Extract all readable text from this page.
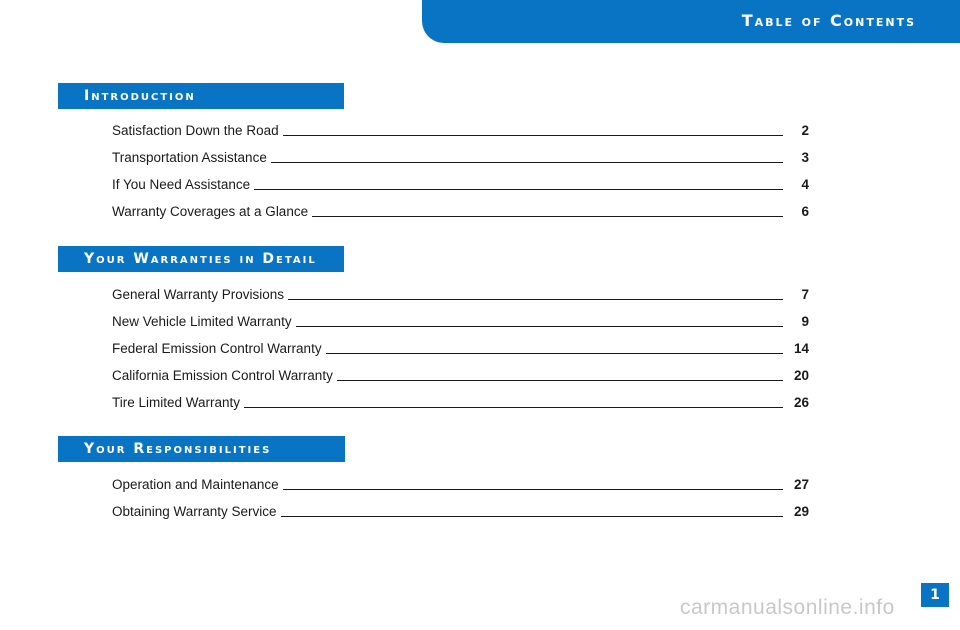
Table of Contents
Introduction
Satisfaction Down the Road	2
Transportation Assistance	3
If You Need Assistance	4
Warranty Coverages at a Glance	6
Your Warranties in Detail
General Warranty Provisions	7
New Vehicle Limited Warranty	9
Federal Emission Control Warranty	14
California Emission Control Warranty	20
Tire Limited Warranty	26
Your Responsibilities
Operation and Maintenance	27
Obtaining Warranty Service	29
1
carmanualsonline.info
